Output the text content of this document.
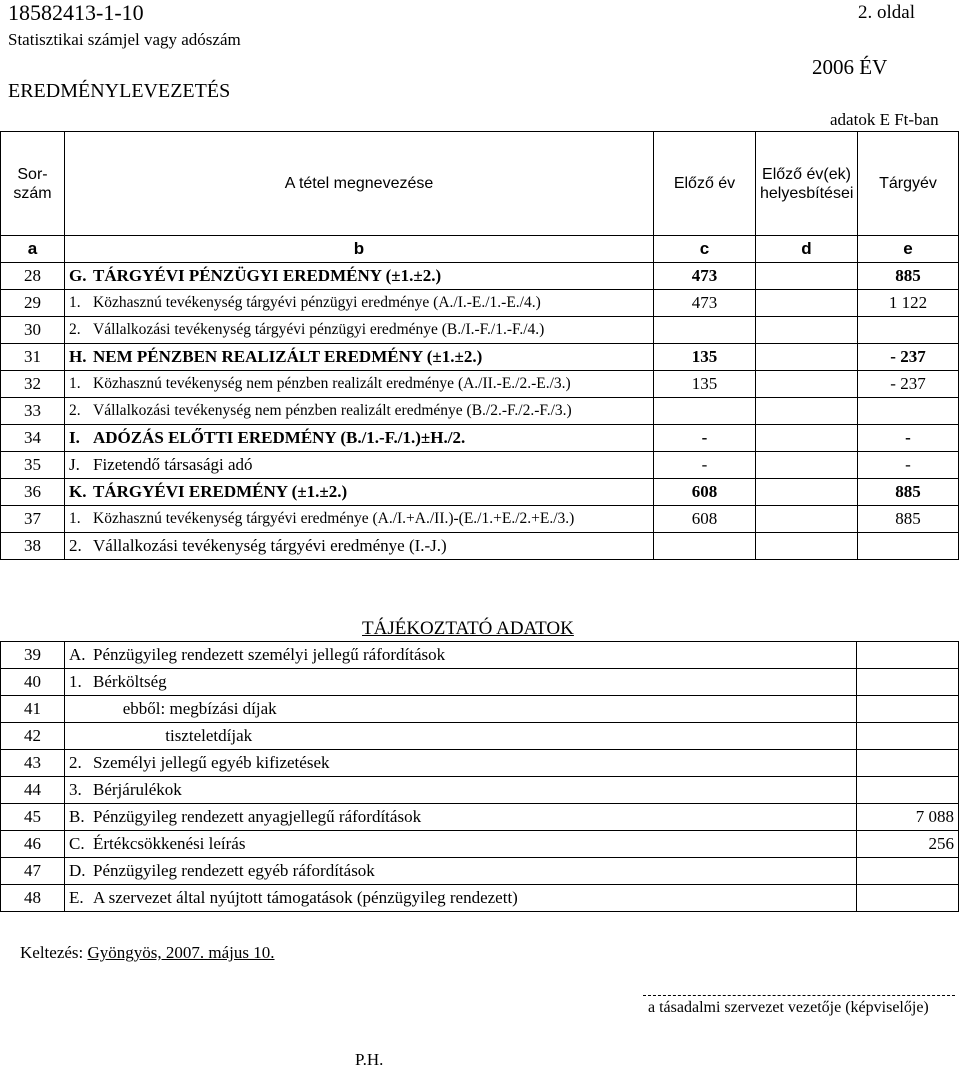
18582413-1-10	2. oldal
Statisztikai számjel vagy adószám
2006 ÉV
EREDMÉNYLEVEZETÉS
adatok E Ft-ban
Sor-szám	A tétel megnevezése	Előző év	Előző év(ek) helyesbítései	Tárgyév
a	b	c	d	e
28	G. TÁRGYÉVI PÉNZÜGYI EREDMÉNY (±1.±2.)	473		885
29	1. Közhasznú tevékenység tárgyévi pénzügyi eredménye (A./I.-E./1.-E./4.)	473		1 122
30	2. Vállalkozási tevékenység tárgyévi pénzügyi eredménye (B./I.-F./1.-F./4.)			
31	H. NEM PÉNZBEN REALIZÁLT EREDMÉNY (±1.±2.)	135		- 237
32	1. Közhasznú tevékenység nem pénzben realizált eredménye (A./II.-E./2.-E./3.)	135		- 237
33	2. Vállalkozási tevékenység nem pénzben realizált eredménye (B./2.-F./2.-F./3.)			
34	I. ADÓZÁS ELŐTTI EREDMÉNY (B./1.-F./1.)±H./2.	-		-
35	J. Fizetendő társasági adó	-		-
36	K. TÁRGYÉVI EREDMÉNY (±1.±2.)	608		885
37	1. Közhasznú tevékenység tárgyévi eredménye (A./I.+A./II.)-(E./1.+E./2.+E./3.)	608		885
38	2. Vállalkozási tevékenység tárgyévi eredménye (I.-J.)			
TÁJÉKOZTATÓ ADATOK
39	A. Pénzügyileg rendezett személyi jellegű ráfordítások	
40	1. Bérköltség	
41	ebből: megbízási díjak	
42	tiszteletdíjak	
43	2. Személyi jellegű egyéb kifizetések	
44	3. Bérjárulékok	
45	B. Pénzügyileg rendezett anyagjellegű ráfordítások	7 088
46	C. Értékcsökkenési leírás	256
47	D. Pénzügyileg rendezett egyéb ráfordítások	
48	E. A szervezet által nyújtott támogatások (pénzügyileg rendezett)	
Keltezés: Gyöngyös, 2007. május 10.
a tásadalmi szervezet vezetője (képviselője)
P.H.
